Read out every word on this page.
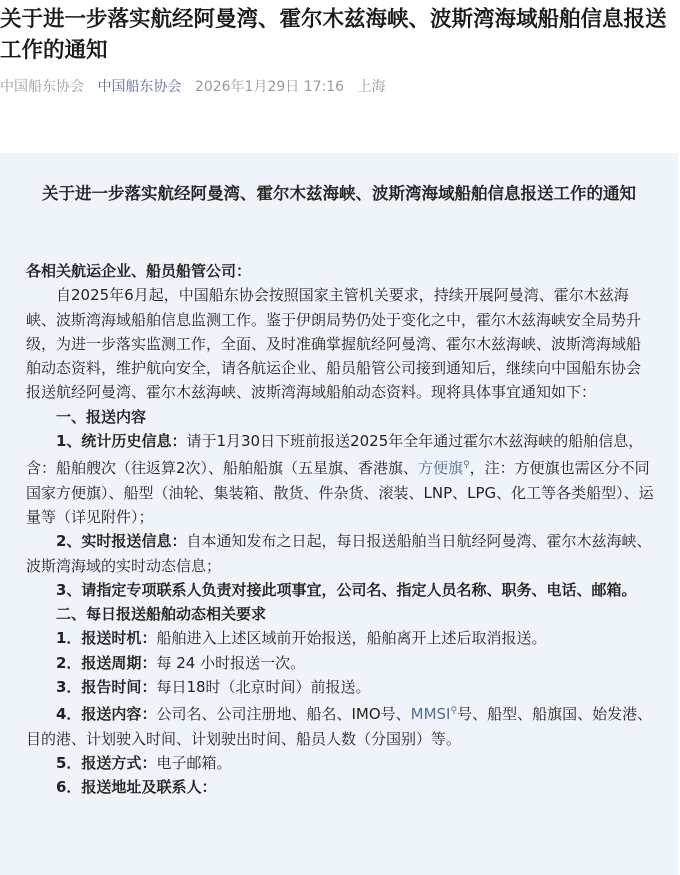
关于进一步落实航经阿曼湾、霍尔木兹海峡、波斯湾海域船舶信息报送工作的通知
中国船东协会 中国船东协会 2026年1月29日 17:16 上海
关于进一步落实航经阿曼湾、霍尔木兹海峡、波斯湾海域船舶信息报送工作的通知

各相关航运企业、船员船管公司：

自2025年6月起，中国船东协会按照国家主管机关要求，持续开展阿曼湾、霍尔木兹海峡、波斯湾海域船舶信息监测工作。鉴于伊朗局势仍处于变化之中，霍尔木兹海峡安全局势升级，为进一步落实监测工作，全面、及时准确掌握航经阿曼湾、霍尔木兹海峡、波斯湾海域船舶动态资料，维护航向安全，请各航运企业、船员船管公司接到通知后，继续向中国船东协会报送航经阿曼湾、霍尔木兹海峡、波斯湾海域船舶动态资料。现将具体事宜通知如下：

一、报送内容

1、统计历史信息：请于1月30日下班前报送2025年全年通过霍尔木兹海峡的船舶信息，含：船舶艘次（往返算2次）、船舶船旗（五星旗、香港旗、方便旗⚲，注：方便旗也需区分不同国家方便旗）、船型（油轮、集装箱、散货、件杂货、滚装、LNP、LPG、化工等各类船型）、运量等（详见附件）；

2、实时报送信息：自本通知发布之日起，每日报送船舶当日航经阿曼湾、霍尔木兹海峡、波斯湾海域的实时动态信息；

3、请指定专项联系人负责对接此项事宜，公司名、指定人员名称、职务、电话、邮箱。

二、每日报送船舶动态相关要求

1．报送时机：船舶进入上述区域前开始报送，船舶离开上述后取消报送。

2．报送周期：每 24 小时报送一次。

3．报告时间：每日18时（北京时间）前报送。

4．报送内容：公司名、公司注册地、船名、IMO号、MMSI⚲号、船型、船旗国、始发港、 目的港、计划驶入时间、计划驶出时间、船员人数（分国别）等。

5．报送方式：电子邮箱。

6．报送地址及联系人：
